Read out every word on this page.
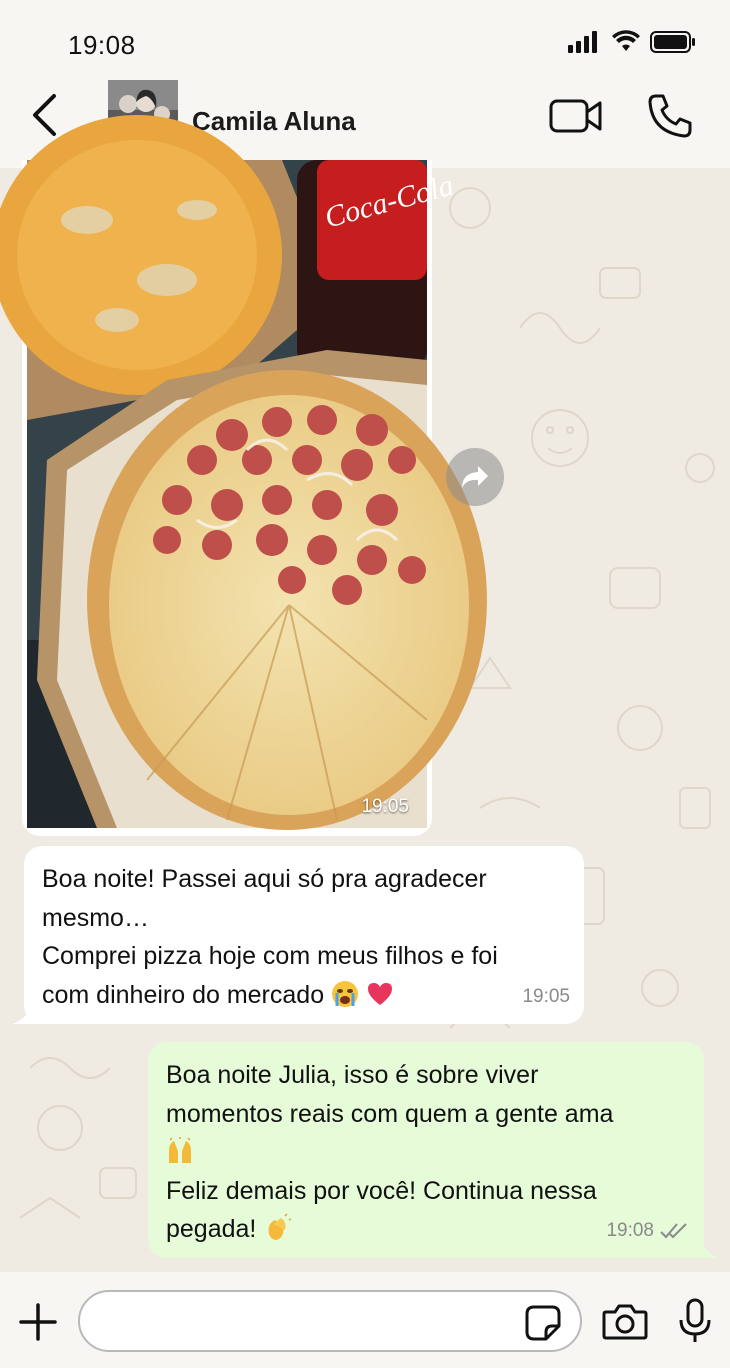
19:08
Camila Aluna
Coca-Cola
19:05
Boa noite! Passei aqui só pra agradecer
mesmo…
Comprei pizza hoje com meus filhos e foi
com dinheiro do mercado	19:05
Boa noite Julia, isso é sobre viver
momentos reais com quem a gente ama
Feliz demais por você! Continua nessa
pegada!	19:08
